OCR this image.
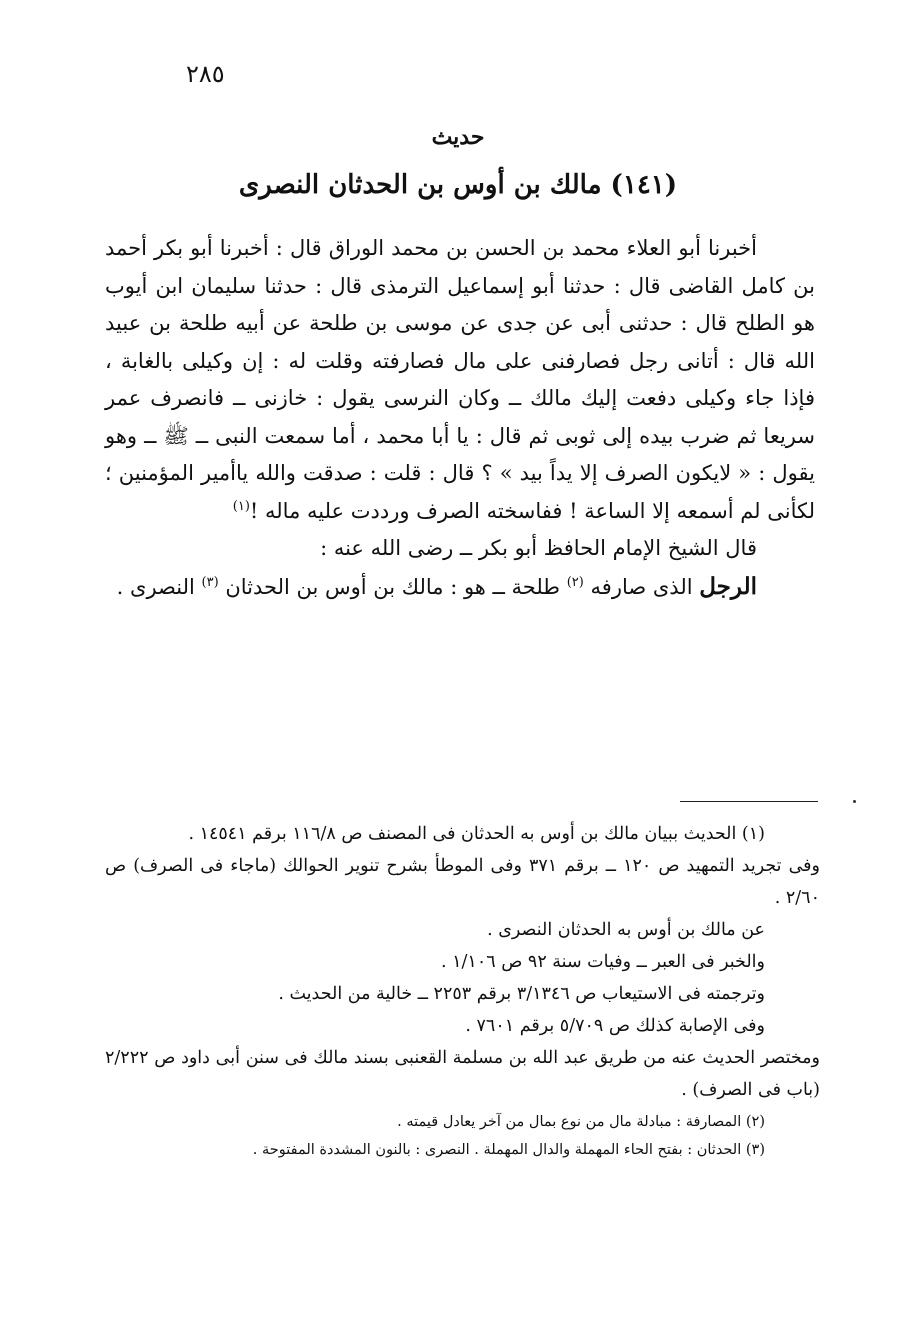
٢٨٥
حديث
(١٤١) مالك بن أوس بن الحدثان النصرى

أخبرنا أبو العلاء محمد بن الحسن بن محمد الوراق قال : أخبرنا أبو بكر أحمد بن كامل القاضى قال : حدثنا أبو إسماعيل الترمذى قال : حدثنا سليمان ابن أيوب هو الطلح قال : حدثنى أبى عن جدى عن موسى بن طلحة عن أبيه طلحة بن عبيد الله قال : أتانى رجل فصارفنى على مال فصارفته وقلت له : إن وكيلى بالغابة ، فإذا جاء وكيلى دفعت إليك مالك ــ وكان النرسى يقول : خازنى ــ فانصرف عمر سريعا ثم ضرب بيده إلى ثوبى ثم قال : يا أبا محمد ، أما سمعت النبى ــ ﷺ ــ وهو يقول : « لايكون الصرف إلا يداً بيد » ؟ قال : قلت : صدقت والله ياأمير المؤمنين ؛ لكأنى لم أسمعه إلا الساعة ! ففاسخته الصرف ورددت عليه ماله !$^{(١)}$

قال الشيخ الإمام الحافظ أبو بكر ــ رضى الله عنه :

الرجل الذى صارفه $^{(٢)}$ طلحة ــ هو : مالك بن أوس بن الحدثان $^{(٣)}$ النصرى .

(١) الحديث ببيان مالك بن أوس به الحدثان فى المصنف ص ١١٦/٨ برقم ١٤٥٤١ .

وفى تجريد التمهيد ص ١٢٠ ــ برقم ٣٧١ وفى الموطأ بشرح تنوير الحوالك (ماجاء فى الصرف) ص ٢/٦٠ .

عن مالك بن أوس به الحدثان النصرى .

والخبر فى العبر ــ وفيات سنة ٩٢ ص ١/١٠٦ .

وترجمته فى الاستيعاب ص ٣/١٣٤٦ برقم ٢٢٥٣ ــ خالية من الحديث .

وفى الإصابة كذلك ص ٥/٧٠٩ برقم ٧٦٠١ .

ومختصر الحديث عنه من طريق عبد الله بن مسلمة القعنبى بسند مالك فى سنن أبى داود ص ٢/٢٢٢ (باب فى الصرف) .

(٢) المصارفة : مبادلة مال من نوع بمال من آخر يعادل قيمته .

(٣) الحدثان : بفتح الحاء المهملة والدال المهملة . النصرى : بالنون المشددة المفتوحة .
